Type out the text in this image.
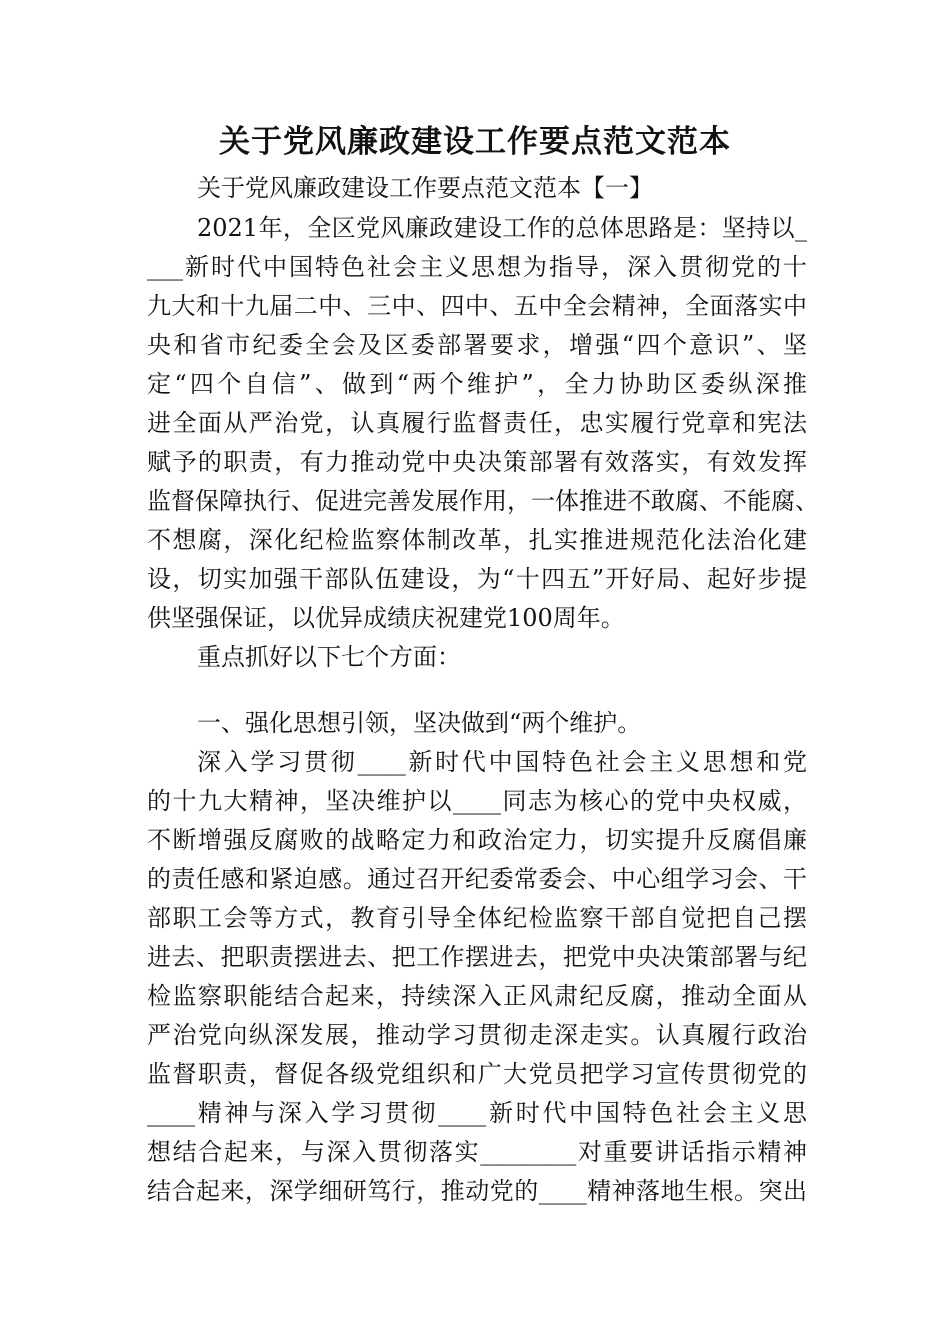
关于党风廉政建设工作要点范文范本
关于党风廉政建设工作要点范文范本【一】
2021年，全区党风廉政建设工作的总体思路是：坚持以_
___新时代中国特色社会主义思想为指导，深入贯彻党的十
九大和十九届二中、三中、四中、五中全会精神，全面落实中
央和省市纪委全会及区委部署要求，增强“四个意识”、坚
定“四个自信”、做到“两个维护”，全力协助区委纵深推
进全面从严治党，认真履行监督责任，忠实履行党章和宪法
赋予的职责，有力推动党中央决策部署有效落实，有效发挥
监督保障执行、促进完善发展作用，一体推进不敢腐、不能腐、
不想腐，深化纪检监察体制改革，扎实推进规范化法治化建
设，切实加强干部队伍建设，为“十四五”开好局、起好步提
供坚强保证，以优异成绩庆祝建党100周年。
重点抓好以下七个方面：
一、强化思想引领，坚决做到“两个维护。
深入学习贯彻____新时代中国特色社会主义思想和党
的十九大精神，坚决维护以____同志为核心的党中央权威，
不断增强反腐败的战略定力和政治定力，切实提升反腐倡廉
的责任感和紧迫感。通过召开纪委常委会、中心组学习会、干
部职工会等方式，教育引导全体纪检监察干部自觉把自己摆
进去、把职责摆进去、把工作摆进去，把党中央决策部署与纪
检监察职能结合起来，持续深入正风肃纪反腐，推动全面从
严治党向纵深发展，推动学习贯彻走深走实。认真履行政治
监督职责，督促各级党组织和广大党员把学习宣传贯彻党的
____精神与深入学习贯彻____新时代中国特色社会主义思
想结合起来，与深入贯彻落实________对重要讲话指示精神
结合起来，深学细研笃行，推动党的____精神落地生根。突出
